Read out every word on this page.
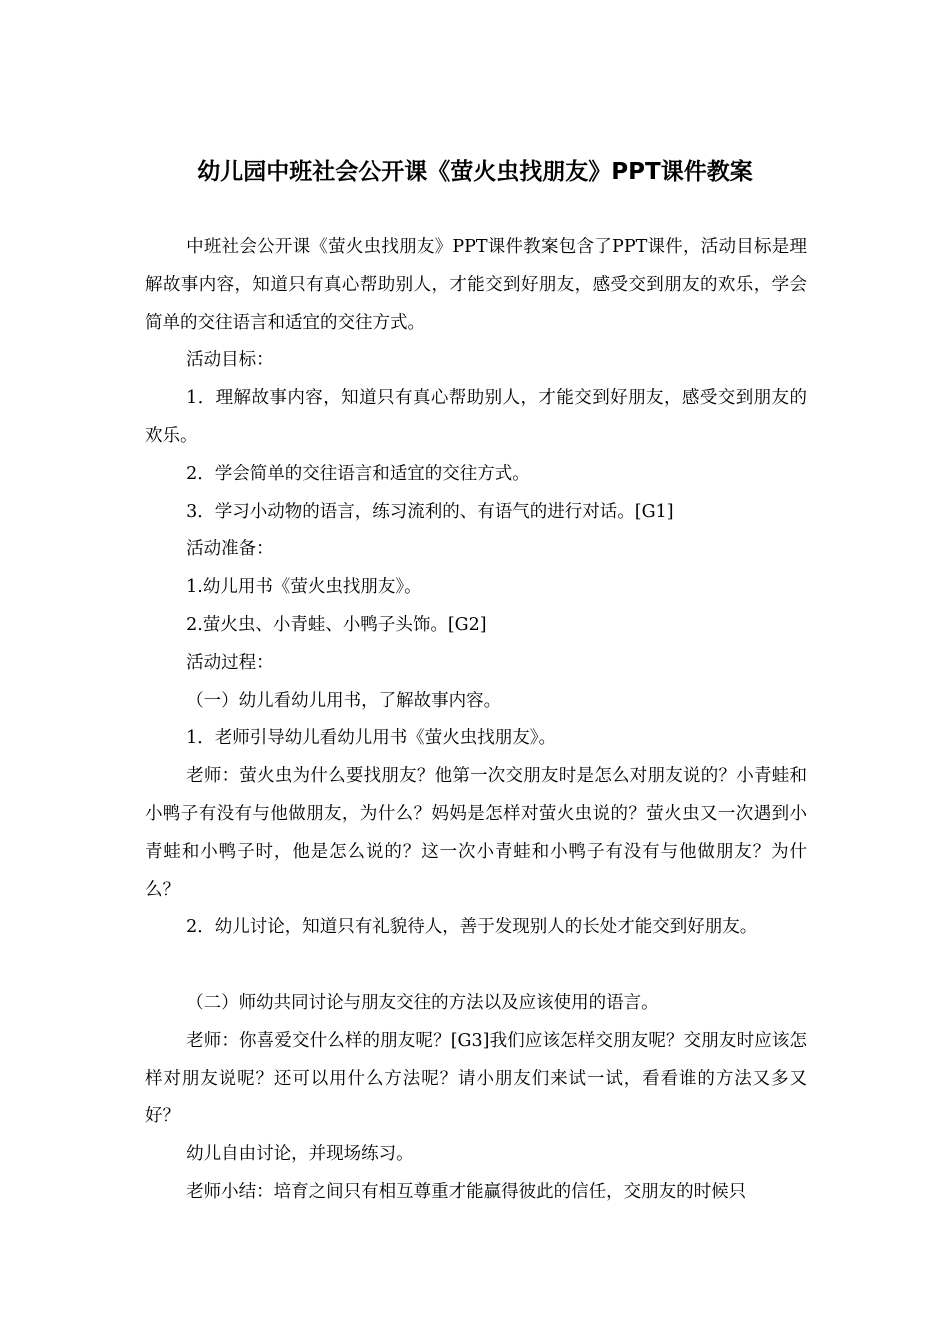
幼儿园中班社会公开课《萤火虫找朋友》PPT课件教案

中班社会公开课《萤火虫找朋友》PPT课件教案包含了PPT课件，活动目标是理解故事内容，知道只有真心帮助别人，才能交到好朋友，感受交到朋友的欢乐，学会简单的交往语言和适宜的交往方式。

活动目标：

1．理解故事内容，知道只有真心帮助别人，才能交到好朋友，感受交到朋友的欢乐。

2．学会简单的交往语言和适宜的交往方式。

3．学习小动物的语言，练习流利的、有语气的进行对话。[G1]

活动准备：

1.幼儿用书《萤火虫找朋友》。

2.萤火虫、小青蛙、小鸭子头饰。[G2]

活动过程：

（一）幼儿看幼儿用书，了解故事内容。

1．老师引导幼儿看幼儿用书《萤火虫找朋友》。

老师：萤火虫为什么要找朋友？他第一次交朋友时是怎么对朋友说的？小青蛙和小鸭子有没有与他做朋友，为什么？妈妈是怎样对萤火虫说的？萤火虫又一次遇到小青蛙和小鸭子时，他是怎么说的？这一次小青蛙和小鸭子有没有与他做朋友？为什么？

2．幼儿讨论，知道只有礼貌待人，善于发现别人的长处才能交到好朋友。

（二）师幼共同讨论与朋友交往的方法以及应该使用的语言。

老师：你喜爱交什么样的朋友呢？[G3]我们应该怎样交朋友呢？交朋友时应该怎样对朋友说呢？还可以用什么方法呢？请小朋友们来试一试，看看谁的方法又多又好？

幼儿自由讨论，并现场练习。

老师小结：培育之间只有相互尊重才能赢得彼此的信任，交朋友的时候只
